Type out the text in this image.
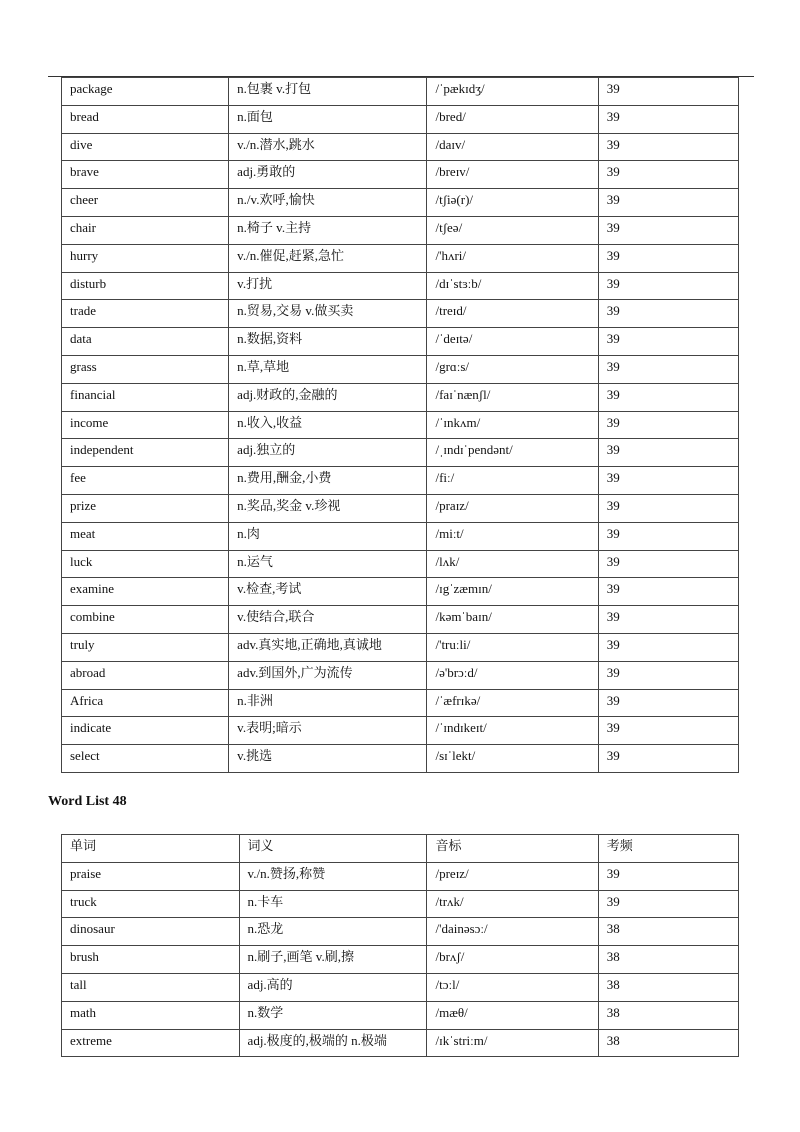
package	n.包裹 v.打包	/ˈpækɪdʒ/	39
bread	n.面包	/bred/	39
dive	v./n.潜水,跳水	/daɪv/	39
brave	adj.勇敢的	/breɪv/	39
cheer	n./v.欢呼,愉快	/tʃiə(r)/	39
chair	n.椅子 v.主持	/tʃeə/	39
hurry	v./n.催促,赶紧,急忙	/'hʌri/	39
disturb	v.打扰	/dɪˈstɜːb/	39
trade	n.贸易,交易 v.做买卖	/treɪd/	39
data	n.数据,资料	/ˈdeɪtə/	39
grass	n.草,草地	/grɑːs/	39
financial	adj.财政的,金融的	/faɪˈnænʃl/	39
income	n.收入,收益	/ˈɪnkʌm/	39
independent	adj.独立的	/ˌɪndɪˈpendənt/	39
fee	n.费用,酬金,小费	/fiː/	39
prize	n.奖品,奖金 v.珍视	/praɪz/	39
meat	n.肉	/miːt/	39
luck	n.运气	/lʌk/	39
examine	v.检查,考试	/ɪgˈzæmɪn/	39
combine	v.使结合,联合	/kəmˈbaɪn/	39
truly	adv.真实地,正确地,真诚地	/'truːli/	39
abroad	adv.到国外,广为流传	/ə'brɔːd/	39
Africa	n.非洲	/ˈæfrɪkə/	39
indicate	v.表明;暗示	/ˈɪndɪkeɪt/	39
select	v.挑选	/sɪˈlekt/	39
Word List 48
单词	词义	音标	考频
praise	v./n.赞扬,称赞	/preɪz/	39
truck	n.卡车	/trʌk/	39
dinosaur	n.恐龙	/'dainəsɔː/	38
brush	n.刷子,画笔 v.刷,擦	/brʌʃ/	38
tall	adj.高的	/tɔːl/	38
math	n.数学	/mæθ/	38
extreme	adj.极度的,极端的 n.极端	/ɪkˈstriːm/	38
